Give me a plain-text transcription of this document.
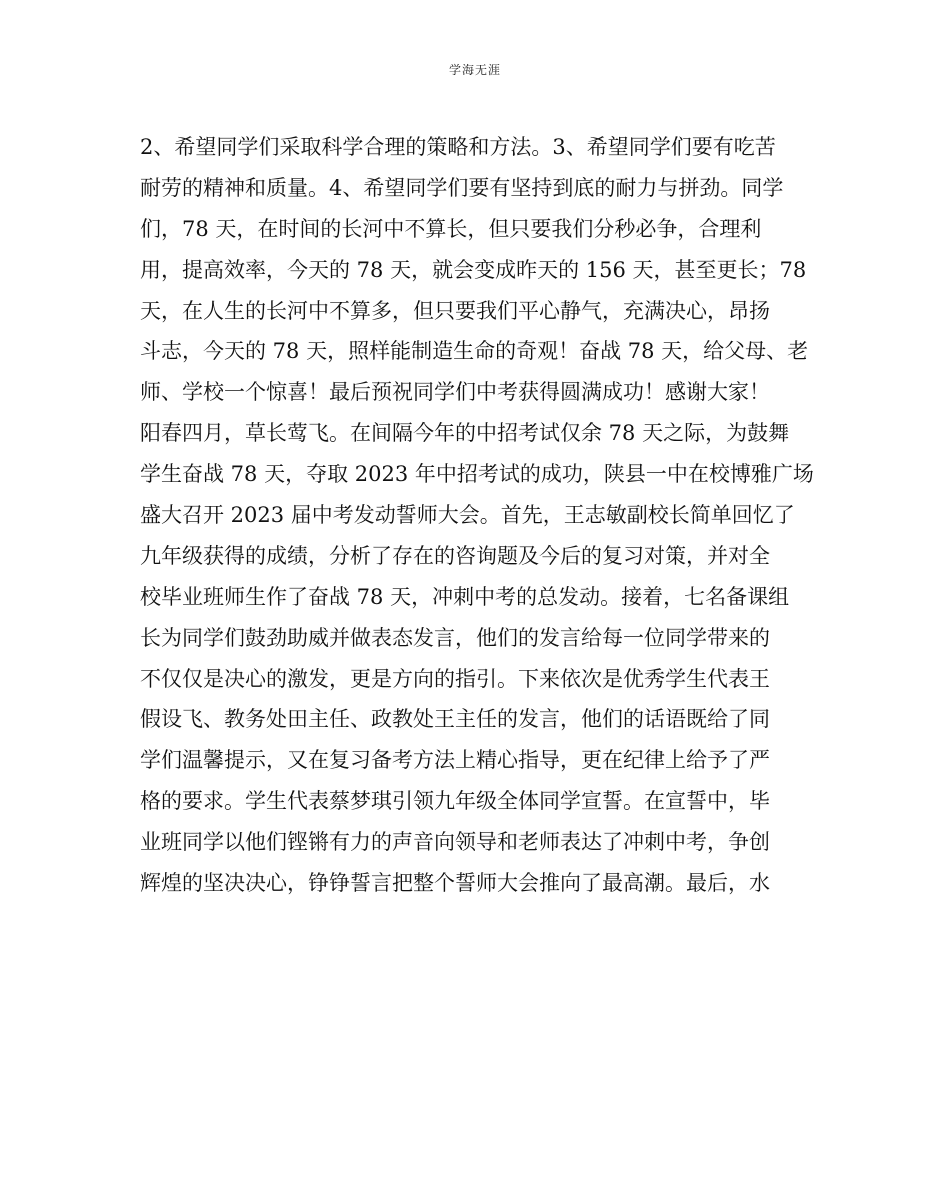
学海无涯
2、希望同学们采取科学合理的策略和方法。3、希望同学们要有吃苦
耐劳的精神和质量。4、希望同学们要有坚持到底的耐力与拼劲。同学
们，78 天，在时间的长河中不算长，但只要我们分秒必争，合理利
用，提高效率，今天的 78 天，就会变成昨天的 156 天，甚至更长；78
天，在人生的长河中不算多，但只要我们平心静气，充满决心，昂扬
斗志，今天的 78 天，照样能制造生命的奇观！奋战 78 天，给父母、老
师、学校一个惊喜！最后预祝同学们中考获得圆满成功！感谢大家！
阳春四月，草长莺飞。在间隔今年的中招考试仅余 78 天之际，为鼓舞
学生奋战 78 天，夺取 2023 年中招考试的成功，陕县一中在校博雅广场
盛大召开 2023 届中考发动誓师大会。首先，王志敏副校长简单回忆了
九年级获得的成绩，分析了存在的咨询题及今后的复习对策，并对全
校毕业班师生作了奋战 78 天，冲刺中考的总发动。接着，七名备课组
长为同学们鼓劲助威并做表态发言，他们的发言给每一位同学带来的
不仅仅是决心的激发，更是方向的指引。下来依次是优秀学生代表王
假设飞、教务处田主任、政教处王主任的发言，他们的话语既给了同
学们温馨提示，又在复习备考方法上精心指导，更在纪律上给予了严
格的要求。学生代表蔡梦琪引领九年级全体同学宣誓。在宣誓中，毕
业班同学以他们铿锵有力的声音向领导和老师表达了冲刺中考，争创
辉煌的坚决决心，铮铮誓言把整个誓师大会推向了最高潮。最后，水
